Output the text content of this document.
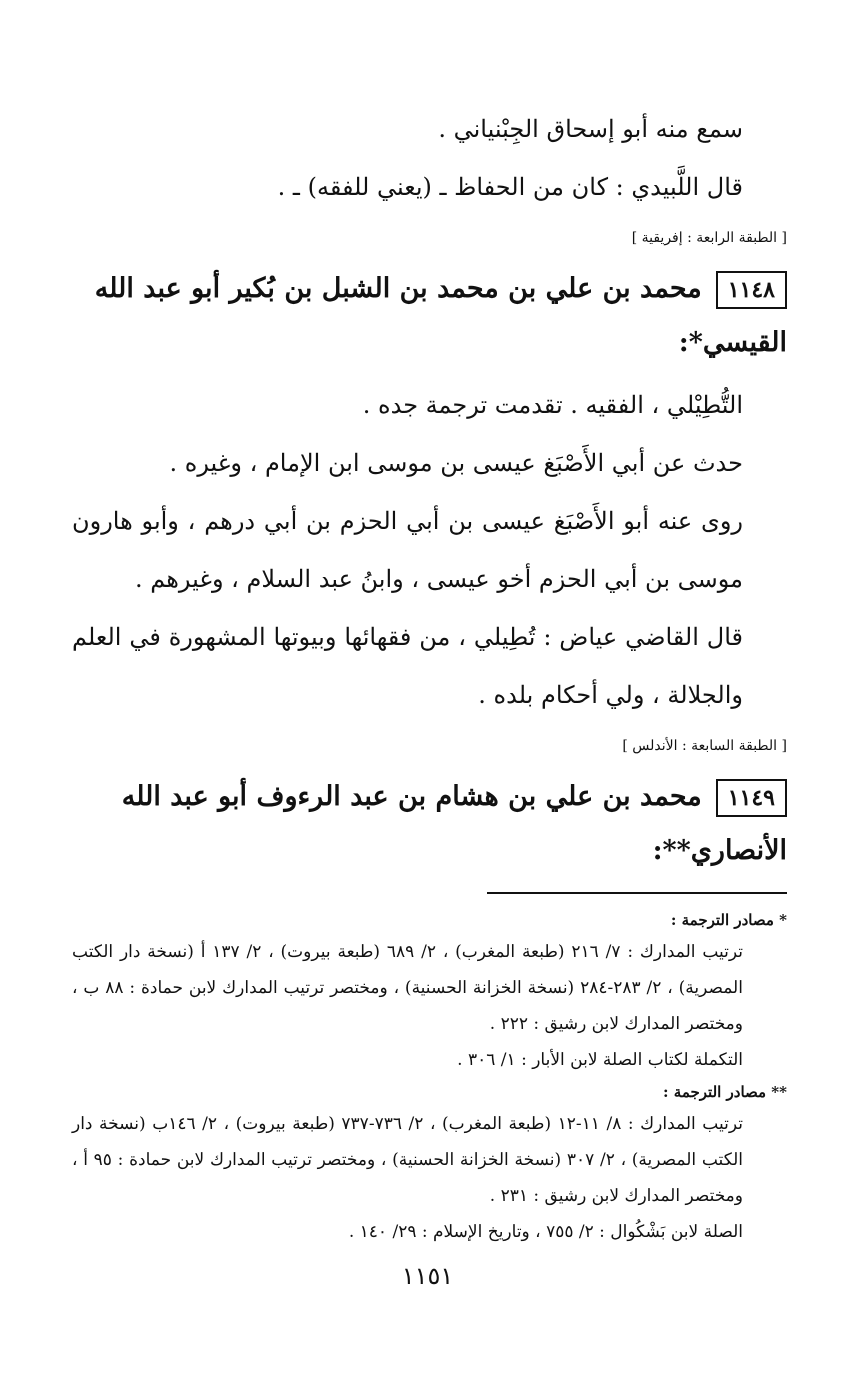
سمع منه أبو إسحاق الجِبْنياني .

قال اللَّبيدي : كان من الحفاظ ـ (يعني للفقه) ـ .

[ الطبقة الرابعة : إفريقية ]
١١٤٨محمد بن علي بن محمد بن الشبل بن بُكير أبو عبد الله القيسي*:

التُّطِيْلي ، الفقيه . تقدمت ترجمة جده .

حدث عن أبي الأَصْبَغ عيسى بن موسى ابن الإمام ، وغيره .

روى عنه أبو الأَصْبَغ عيسى بن أبي الحزم بن أبي درهم ، وأبو هارون موسى بن أبي الحزم أخو عيسى ، وابنُ عبد السلام ، وغيرهم .

قال القاضي عياض : تُطِيلي ، من فقهائها وبيوتها المشهورة في العلم والجلالة ، ولي أحكام بلده .

[ الطبقة السابعة : الأندلس ]
١١٤٩محمد بن علي بن هشام بن عبد الرءوف أبو عبد الله الأنصاري**:

* مصادر الترجمة :

ترتيب المدارك : ٧/ ٢١٦ (طبعة المغرب) ، ٢/ ٦٨٩ (طبعة بيروت) ، ٢/ ١٣٧ أ (نسخة دار الكتب المصرية) ، ٢/ ٢٨٣-٢٨٤ (نسخة الخزانة الحسنية) ، ومختصر ترتيب المدارك لابن حمادة : ٨٨ ب ، ومختصر المدارك لابن رشيق : ٢٢٢ .

التكملة لكتاب الصلة لابن الأبار : ١/ ٣٠٦ .

** مصادر الترجمة :

ترتيب المدارك : ٨/ ١١-١٢ (طبعة المغرب) ، ٢/ ٧٣٦-٧٣٧ (طبعة بيروت) ، ٢/ ١٤٦ب (نسخة دار الكتب المصرية) ، ٢/ ٣٠٧ (نسخة الخزانة الحسنية) ، ومختصر ترتيب المدارك لابن حمادة : ٩٥ أ ، ومختصر المدارك لابن رشيق : ٢٣١ .

الصلة لابن بَشْكُوال : ٢/ ٧٥٥ ، وتاريخ الإسلام : ٢٩/ ١٤٠ .

١١٥١
